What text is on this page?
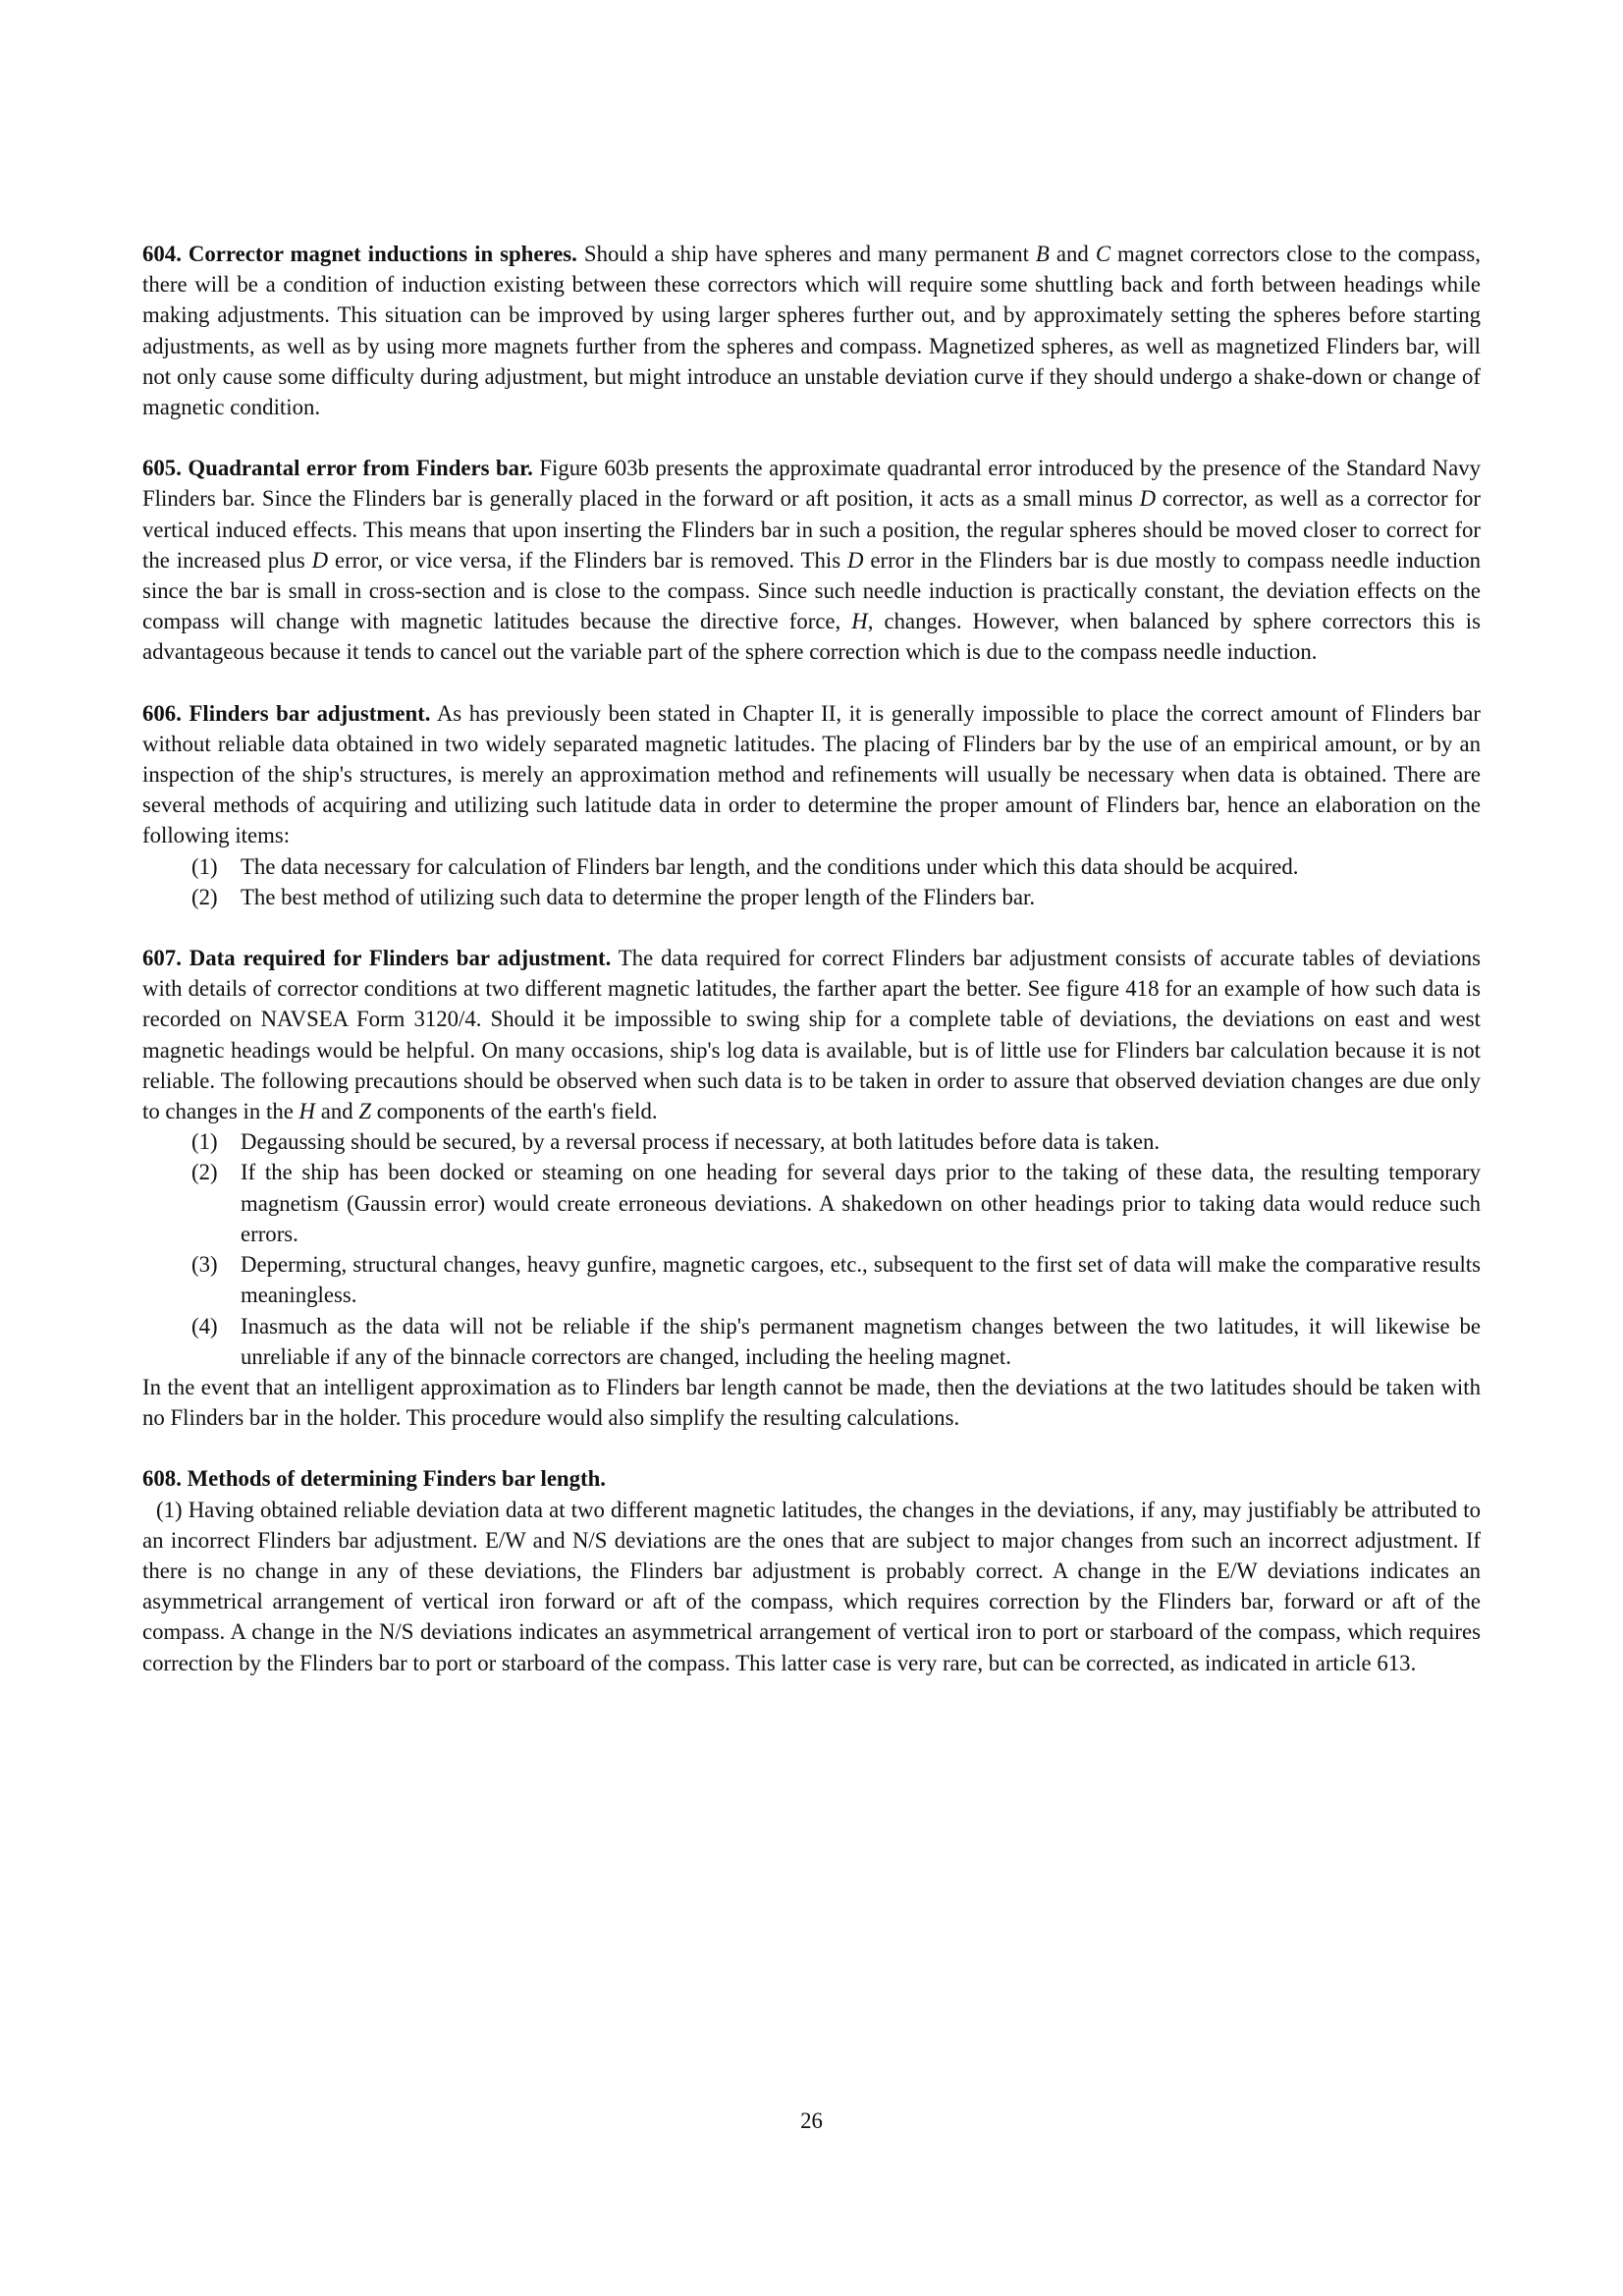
604. Corrector magnet inductions in spheres. Should a ship have spheres and many permanent B and C magnet correctors close to the compass, there will be a condition of induction existing between these correctors which will require some shuttling back and forth between headings while making adjustments. This situation can be improved by using larger spheres further out, and by approximately setting the spheres before starting adjustments, as well as by using more magnets further from the spheres and compass. Magnetized spheres, as well as magnetized Flinders bar, will not only cause some difficulty during adjustment, but might introduce an unstable deviation curve if they should undergo a shake-down or change of magnetic condition.

605. Quadrantal error from Finders bar. Figure 603b presents the approximate quadrantal error introduced by the presence of the Standard Navy Flinders bar. Since the Flinders bar is generally placed in the forward or aft position, it acts as a small minus D corrector, as well as a corrector for vertical induced effects. This means that upon inserting the Flinders bar in such a position, the regular spheres should be moved closer to correct for the increased plus D error, or vice versa, if the Flinders bar is removed. This D error in the Flinders bar is due mostly to compass needle induction since the bar is small in cross-section and is close to the compass. Since such needle induction is practically constant, the deviation effects on the compass will change with magnetic latitudes because the directive force, H, changes. However, when balanced by sphere correctors this is advantageous because it tends to cancel out the variable part of the sphere correction which is due to the compass needle induction.

606. Flinders bar adjustment. As has previously been stated in Chapter II, it is generally impossible to place the correct amount of Flinders bar without reliable data obtained in two widely separated magnetic latitudes. The placing of Flinders bar by the use of an empirical amount, or by an inspection of the ship's structures, is merely an approximation method and refinements will usually be necessary when data is obtained. There are several methods of acquiring and utilizing such latitude data in order to determine the proper amount of Flinders bar, hence an elaboration on the following items:

(1) The data necessary for calculation of Flinders bar length, and the conditions under which this data should be acquired.
(2) The best method of utilizing such data to determine the proper length of the Flinders bar.

607. Data required for Flinders bar adjustment. The data required for correct Flinders bar adjustment consists of accurate tables of deviations with details of corrector conditions at two different magnetic latitudes, the farther apart the better. See figure 418 for an example of how such data is recorded on NAVSEA Form 3120/4. Should it be impossible to swing ship for a complete table of deviations, the deviations on east and west magnetic headings would be helpful. On many occasions, ship's log data is available, but is of little use for Flinders bar calculation because it is not reliable. The following precautions should be observed when such data is to be taken in order to assure that observed deviation changes are due only to changes in the H and Z components of the earth's field.

(1) Degaussing should be secured, by a reversal process if necessary, at both latitudes before data is taken.
(2) If the ship has been docked or steaming on one heading for several days prior to the taking of these data, the resulting temporary magnetism (Gaussin error) would create erroneous deviations. A shakedown on other headings prior to taking data would reduce such errors.
(3) Deperming, structural changes, heavy gunfire, magnetic cargoes, etc., subsequent to the first set of data will make the comparative results meaningless.
(4) Inasmuch as the data will not be reliable if the ship's permanent magnetism changes between the two latitudes, it will likewise be unreliable if any of the binnacle correctors are changed, including the heeling magnet.

In the event that an intelligent approximation as to Flinders bar length cannot be made, then the deviations at the two latitudes should be taken with no Flinders bar in the holder. This procedure would also simplify the resulting calculations.

608. Methods of determining Finders bar length.

(1) Having obtained reliable deviation data at two different magnetic latitudes, the changes in the deviations, if any, may justifiably be attributed to an incorrect Flinders bar adjustment. E/W and N/S deviations are the ones that are subject to major changes from such an incorrect adjustment. If there is no change in any of these deviations, the Flinders bar adjustment is probably correct. A change in the E/W deviations indicates an asymmetrical arrangement of vertical iron forward or aft of the compass, which requires correction by the Flinders bar, forward or aft of the compass. A change in the N/S deviations indicates an asymmetrical arrangement of vertical iron to port or starboard of the compass, which requires correction by the Flinders bar to port or starboard of the compass. This latter case is very rare, but can be corrected, as indicated in article 613.

26
